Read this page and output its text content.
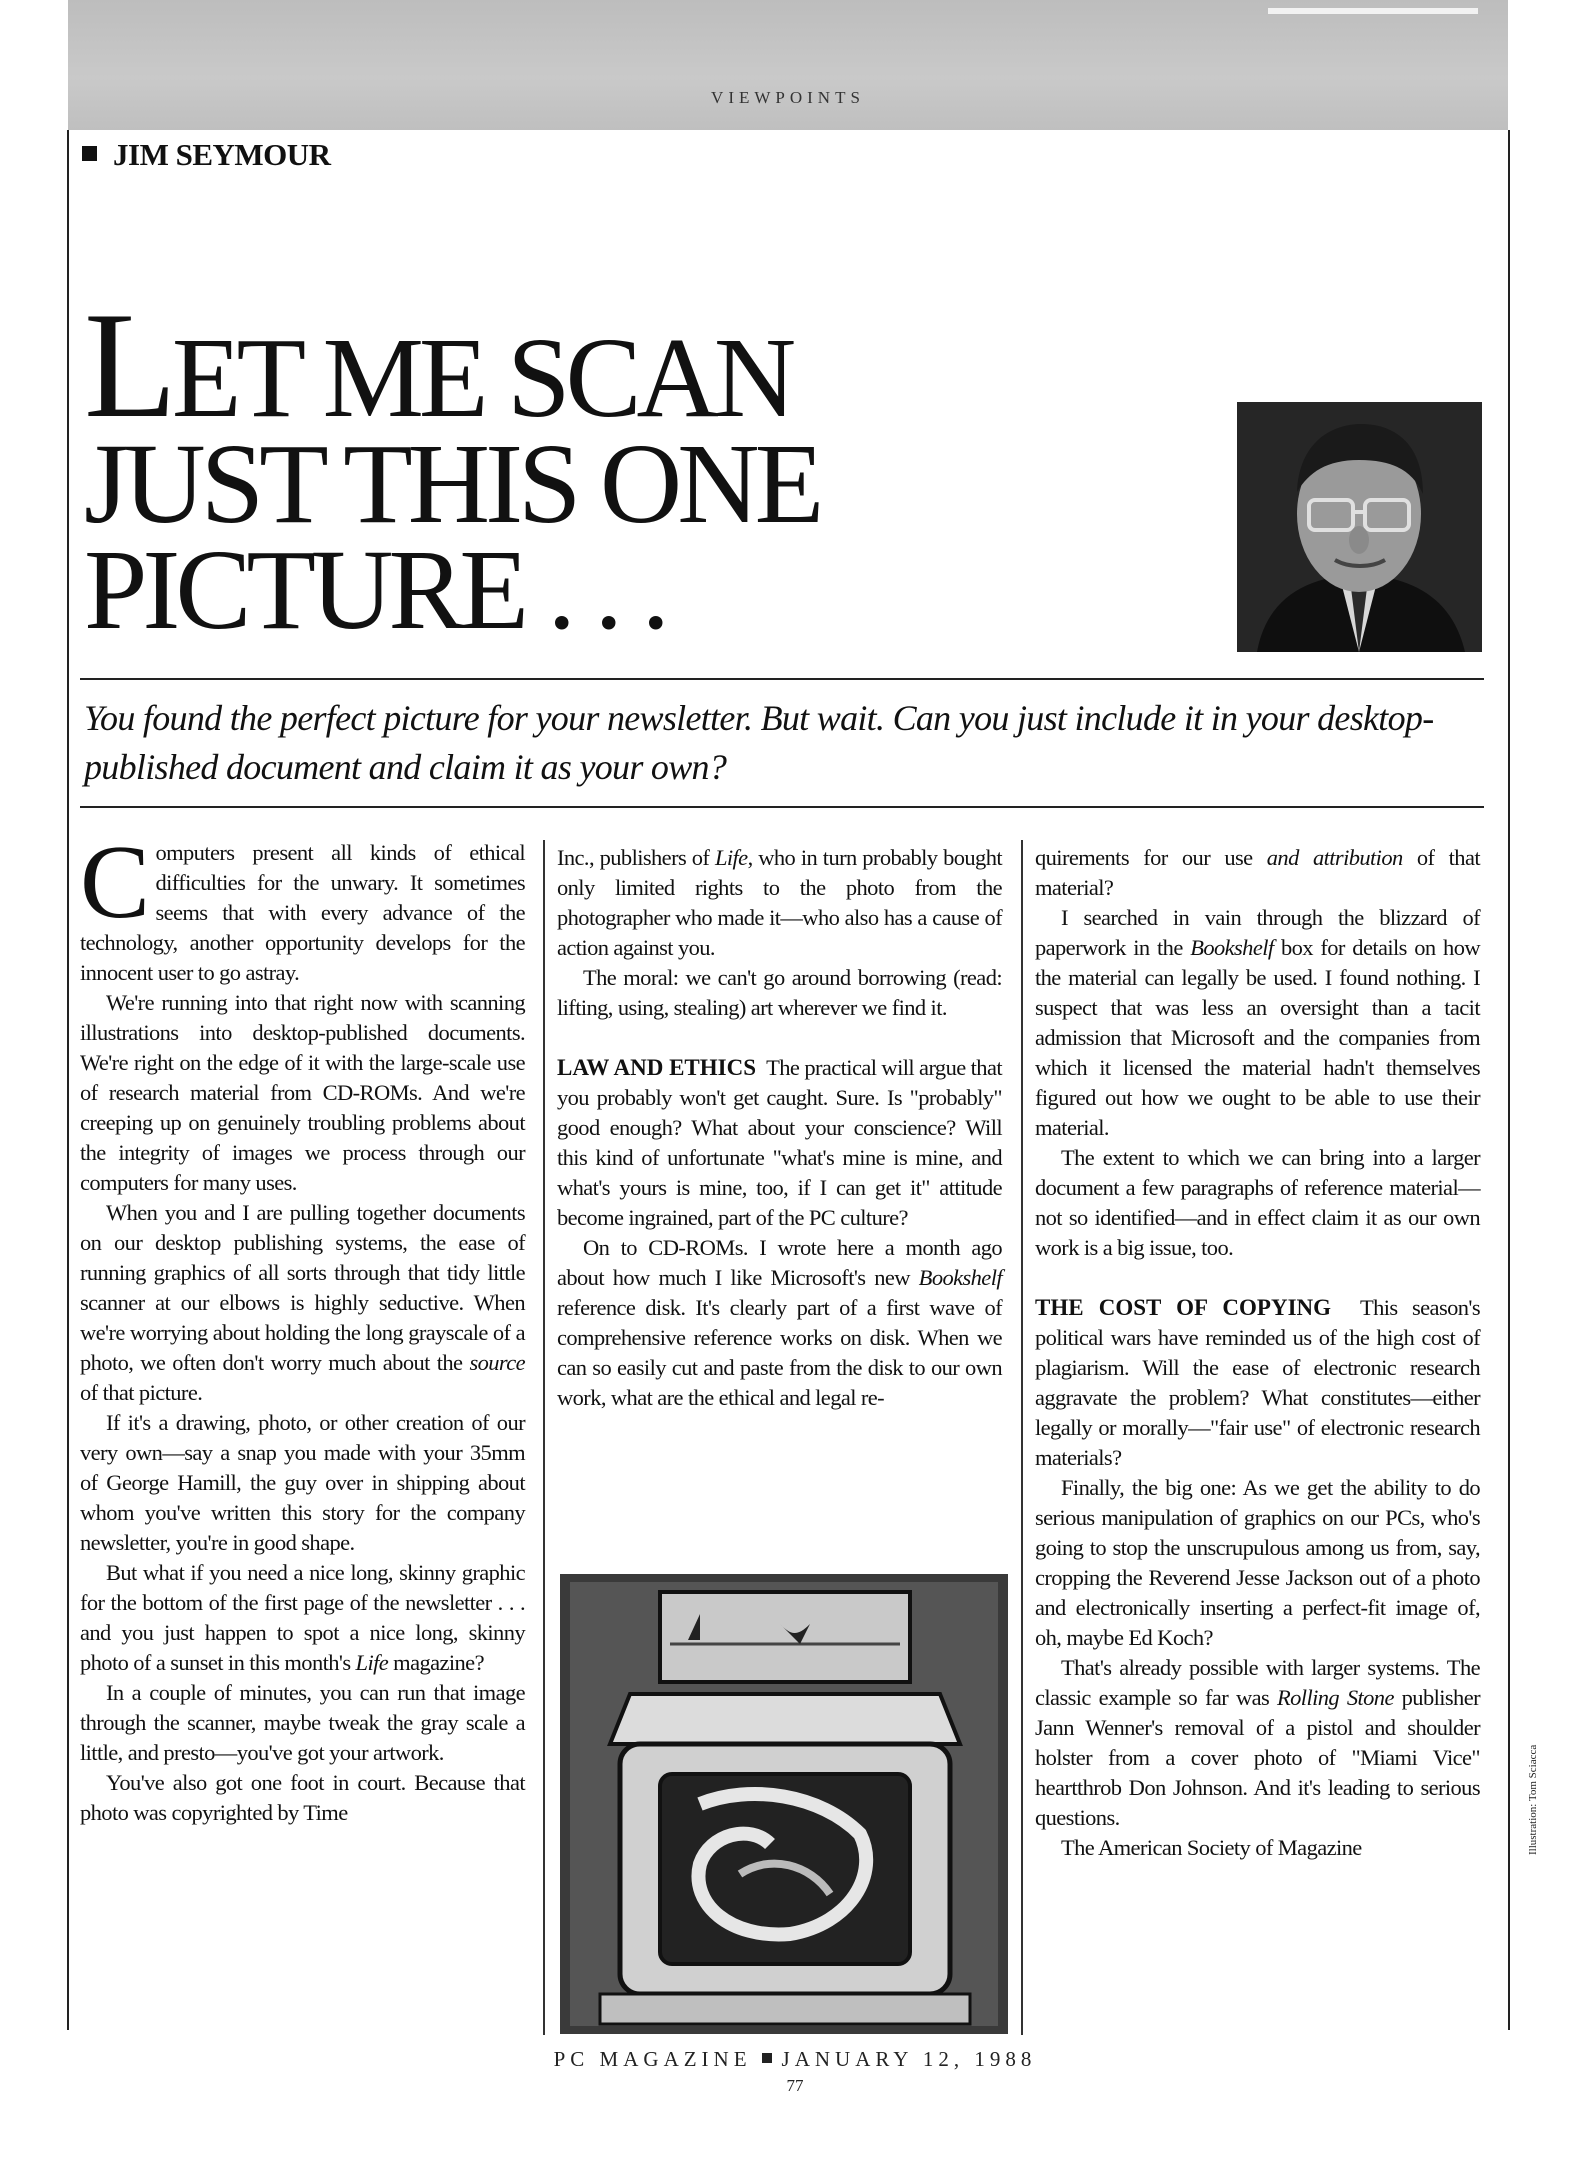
VIEWPOINTS
JIM SEYMOUR
LET ME SCAN
JUST THIS ONE
PICTURE . . .

You found the perfect picture for your newsletter. But wait. Can you just include it in your desktop-published document and claim it as your own?

Computers present all kinds of ethical difficulties for the unwary. It sometimes seems that with every advance of the technology, another opportunity develops for the innocent user to go astray.

We're running into that right now with scanning illustrations into desktop-published documents. We're right on the edge of it with the large-scale use of research material from CD-ROMs. And we're creeping up on genuinely troubling problems about the integrity of images we process through our computers for many uses.

When you and I are pulling together documents on our desktop publishing systems, the ease of running graphics of all sorts through that tidy little scanner at our elbows is highly seductive. When we're worrying about holding the long grayscale of a photo, we often don't worry much about the source of that picture.

If it's a drawing, photo, or other creation of our very own—say a snap you made with your 35mm of George Hamill, the guy over in shipping about whom you've written this story for the company newsletter, you're in good shape.

But what if you need a nice long, skinny graphic for the bottom of the first page of the newsletter . . . and you just happen to spot a nice long, skinny photo of a sunset in this month's Life magazine?

In a couple of minutes, you can run that image through the scanner, maybe tweak the gray scale a little, and presto—you've got your artwork.

You've also got one foot in court. Because that photo was copyrighted by Time

Inc., publishers of Life, who in turn probably bought only limited rights to the photo from the photographer who made it—who also has a cause of action against you.

The moral: we can't go around borrowing (read: lifting, using, stealing) art wherever we find it.

LAW AND ETHICS The practical will argue that you probably won't get caught. Sure. Is "probably" good enough? What about your conscience? Will this kind of unfortunate "what's mine is mine, and what's yours is mine, too, if I can get it" attitude become ingrained, part of the PC culture?

On to CD-ROMs. I wrote here a month ago about how much I like Microsoft's new Bookshelf reference disk. It's clearly part of a first wave of comprehensive reference works on disk. When we can so easily cut and paste from the disk to our own work, what are the ethical and legal re-

quirements for our use and attribution of that material?

I searched in vain through the blizzard of paperwork in the Bookshelf box for details on how the material can legally be used. I found nothing. I suspect that was less an oversight than a tacit admission that Microsoft and the companies from which it licensed the material hadn't themselves figured out how we ought to be able to use their material.

The extent to which we can bring into a larger document a few paragraphs of reference material—not so identified—and in effect claim it as our own work is a big issue, too.

THE COST OF COPYING This season's political wars have reminded us of the high cost of plagiarism. Will the ease of electronic research aggravate the problem? What constitutes—either legally or morally—"fair use" of electronic research materials?

Finally, the big one: As we get the ability to do serious manipulation of graphics on our PCs, who's going to stop the unscrupulous among us from, say, cropping the Reverend Jesse Jackson out of a photo and electronically inserting a perfect-fit image of, oh, maybe Ed Koch?

That's already possible with larger systems. The classic example so far was Rolling Stone publisher Jann Wenner's removal of a pistol and shoulder holster from a cover photo of "Miami Vice" heartthrob Don Johnson. And it's leading to serious questions.

The American Society of Magazine	Illustration: Tom Sciacca
PC MAGAZINE JANUARY 12, 1988
77
